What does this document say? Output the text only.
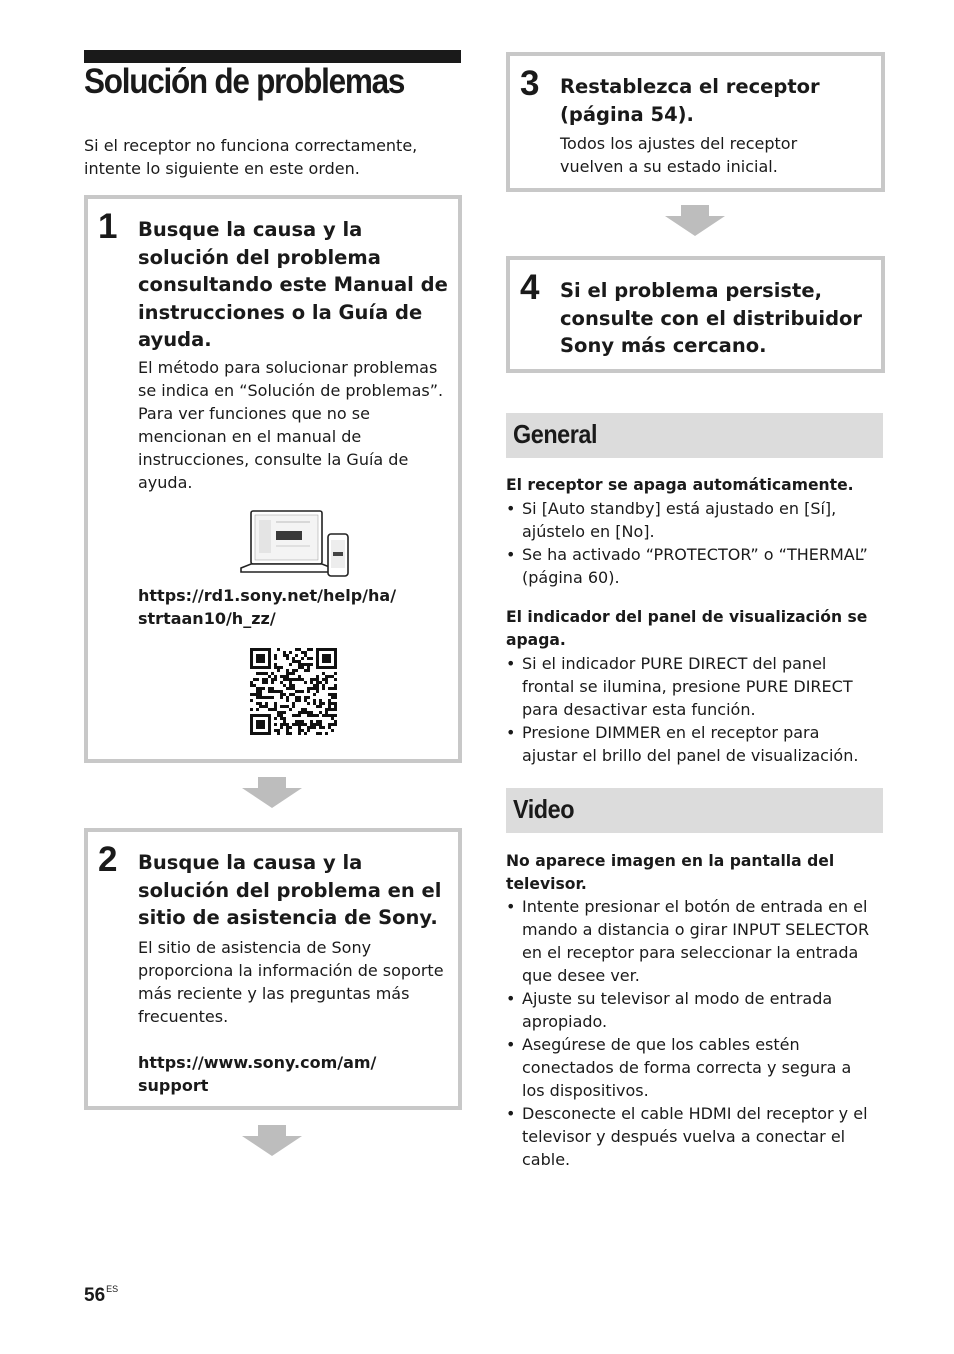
Solución de problemas

Si el receptor no funciona correctamente, intente lo siguiente en este orden.

1 Busque la causa y la solución del problema consultando este Manual de instrucciones o la Guía de ayuda.

El método para solucionar problemas se indica en “Solución de problemas”. Para ver funciones que no se mencionan en el manual de instrucciones, consulte la Guía de ayuda.

https://rd1.sony.net/help/ha/
strtaan10/h_zz/

2 Busque la causa y la solución del problema en el sitio de asistencia de Sony.

El sitio de asistencia de Sony proporciona la información de soporte más reciente y las preguntas más frecuentes.

https://www.sony.com/am/
support

3 Restablezca el receptor (página 54).

Todos los ajustes del receptor vuelven a su estado inicial.

4 Si el problema persiste, consulte con el distribuidor Sony más cercano.

General

El receptor se apaga automáticamente.

• Si [Auto standby] está ajustado en [Sí], ajústelo en [No].
• Se ha activado “PROTECTOR” o “THERMAL” (página 60).

El indicador del panel de visualización se apaga.

• Si el indicador PURE DIRECT del panel frontal se ilumina, presione PURE DIRECT para desactivar esta función.
• Presione DIMMER en el receptor para ajustar el brillo del panel de visualización.
Video

No aparece imagen en la pantalla del televisor.

• Intente presionar el botón de entrada en el mando a distancia o girar INPUT SELECTOR en el receptor para seleccionar la entrada que desee ver.
• Ajuste su televisor al modo de entrada apropiado.
• Asegúrese de que los cables estén conectados de forma correcta y segura a los dispositivos.
• Desconecte el cable HDMI del receptor y el televisor y después vuelva a conectar el cable.
$56^{ES}$
